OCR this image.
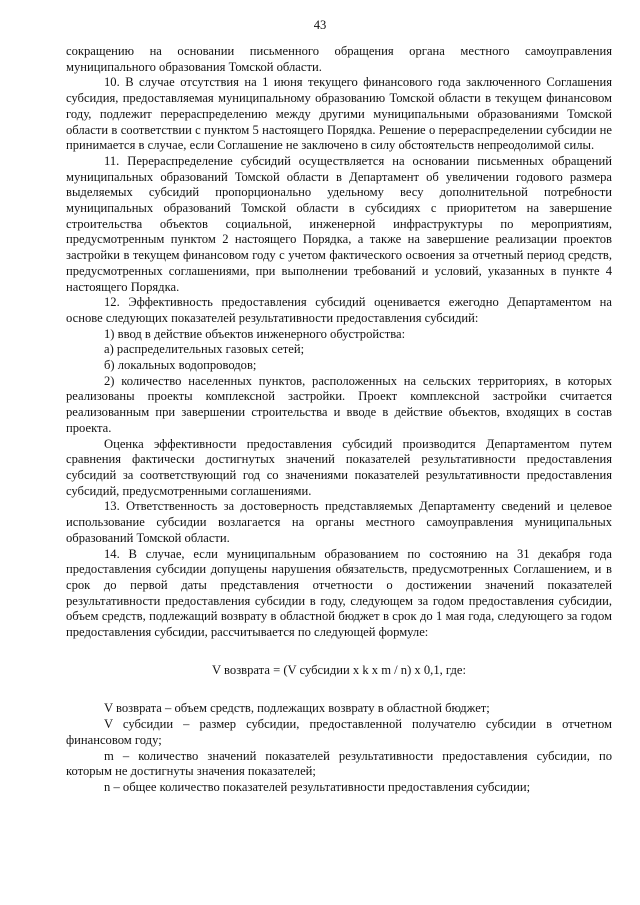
43

сокращению на основании письменного обращения органа местного самоуправления муниципального образования Томской области.

10. В случае отсутствия на 1 июня текущего финансового года заключенного Соглашения субсидия, предоставляемая муниципальному образованию Томской области в текущем финансовом году, подлежит перераспределению между другими муниципальными образованиями Томской области в соответствии с пунктом 5 настоящего Порядка. Решение о перераспределении субсидии не принимается в случае, если Соглашение не заключено в силу обстоятельств непреодолимой силы.

11. Перераспределение субсидий осуществляется на основании письменных обращений муниципальных образований Томской области в Департамент об увеличении годового размера выделяемых субсидий пропорционально удельному весу дополнительной потребности муниципальных образований Томской области в субсидиях с приоритетом на завершение строительства объектов социальной, инженерной инфраструктуры по мероприятиям, предусмотренным пунктом 2 настоящего Порядка, а также на завершение реализации проектов застройки в текущем финансовом году с учетом фактического освоения за отчетный период средств, предусмотренных соглашениями, при выполнении требований и условий, указанных в пункте 4 настоящего Порядка.

12. Эффективность предоставления субсидий оценивается ежегодно Департаментом на основе следующих показателей результативности предоставления субсидий:

1) ввод в действие объектов инженерного обустройства:

а) распределительных газовых сетей;

б) локальных водопроводов;

2) количество населенных пунктов, расположенных на сельских территориях, в которых реализованы проекты комплексной застройки. Проект комплексной застройки считается реализованным при завершении строительства и вводе в действие объектов, входящих в состав проекта.

Оценка эффективности предоставления субсидий производится Департаментом путем сравнения фактически достигнутых значений показателей результативности предоставления субсидий за соответствующий год со значениями показателей результативности предоставления субсидий, предусмотренными соглашениями.

13. Ответственность за достоверность представляемых Департаменту сведений и целевое использование субсидии возлагается на органы местного самоуправления муниципальных образований Томской области.

14. В случае, если муниципальным образованием по состоянию на 31 декабря года предоставления субсидии допущены нарушения обязательств, предусмотренных Соглашением, и в срок до первой даты представления отчетности о достижении значений показателей результативности предоставления субсидии в году, следующем за годом предоставления субсидии, объем средств, подлежащий возврату в областной бюджет в срок до 1 мая года, следующего за годом предоставления субсидии, рассчитывается по следующей формуле:

V возврата = (V субсидии x k x m / n) x 0,1, где:

V возврата – объем средств, подлежащих возврату в областной бюджет;

V субсидии – размер субсидии, предоставленной получателю субсидии в отчетном финансовом году;

m – количество значений показателей результативности предоставления субсидии, по которым не достигнуты значения показателей;

n – общее количество показателей результативности предоставления субсидии;
